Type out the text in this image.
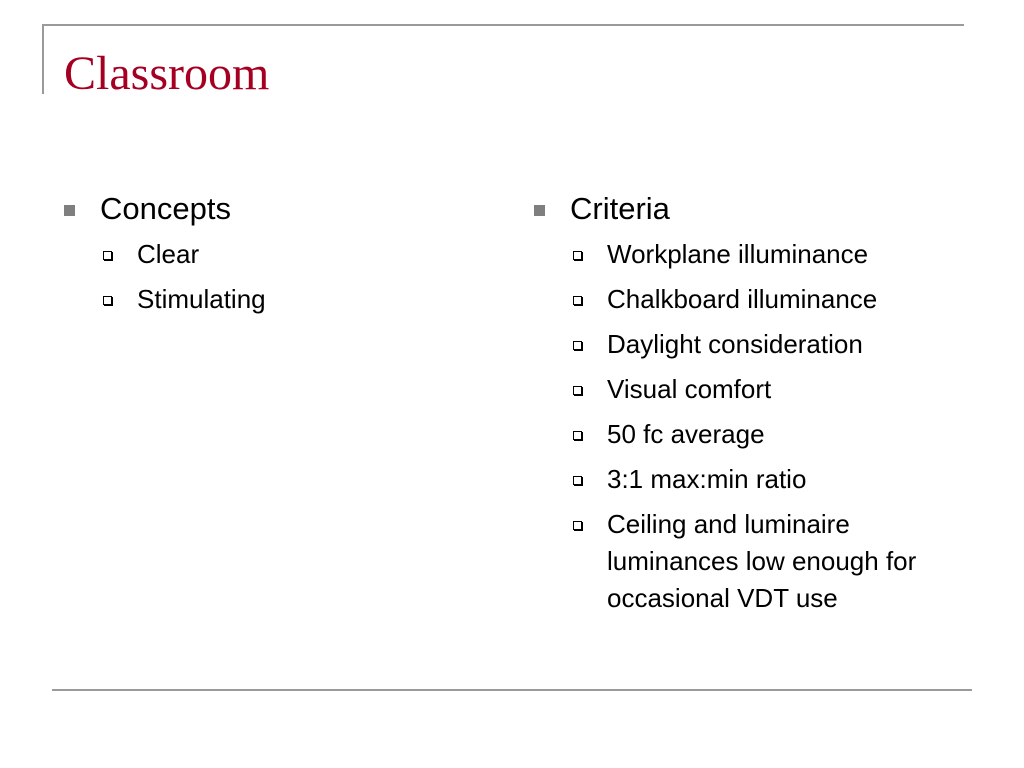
Classroom
Concepts
Clear
Stimulating
Criteria
Workplane illuminance
Chalkboard illuminance
Daylight consideration
Visual comfort
50 fc average
3:1 max:min ratio
Ceiling and luminaire luminances low enough for occasional VDT use
